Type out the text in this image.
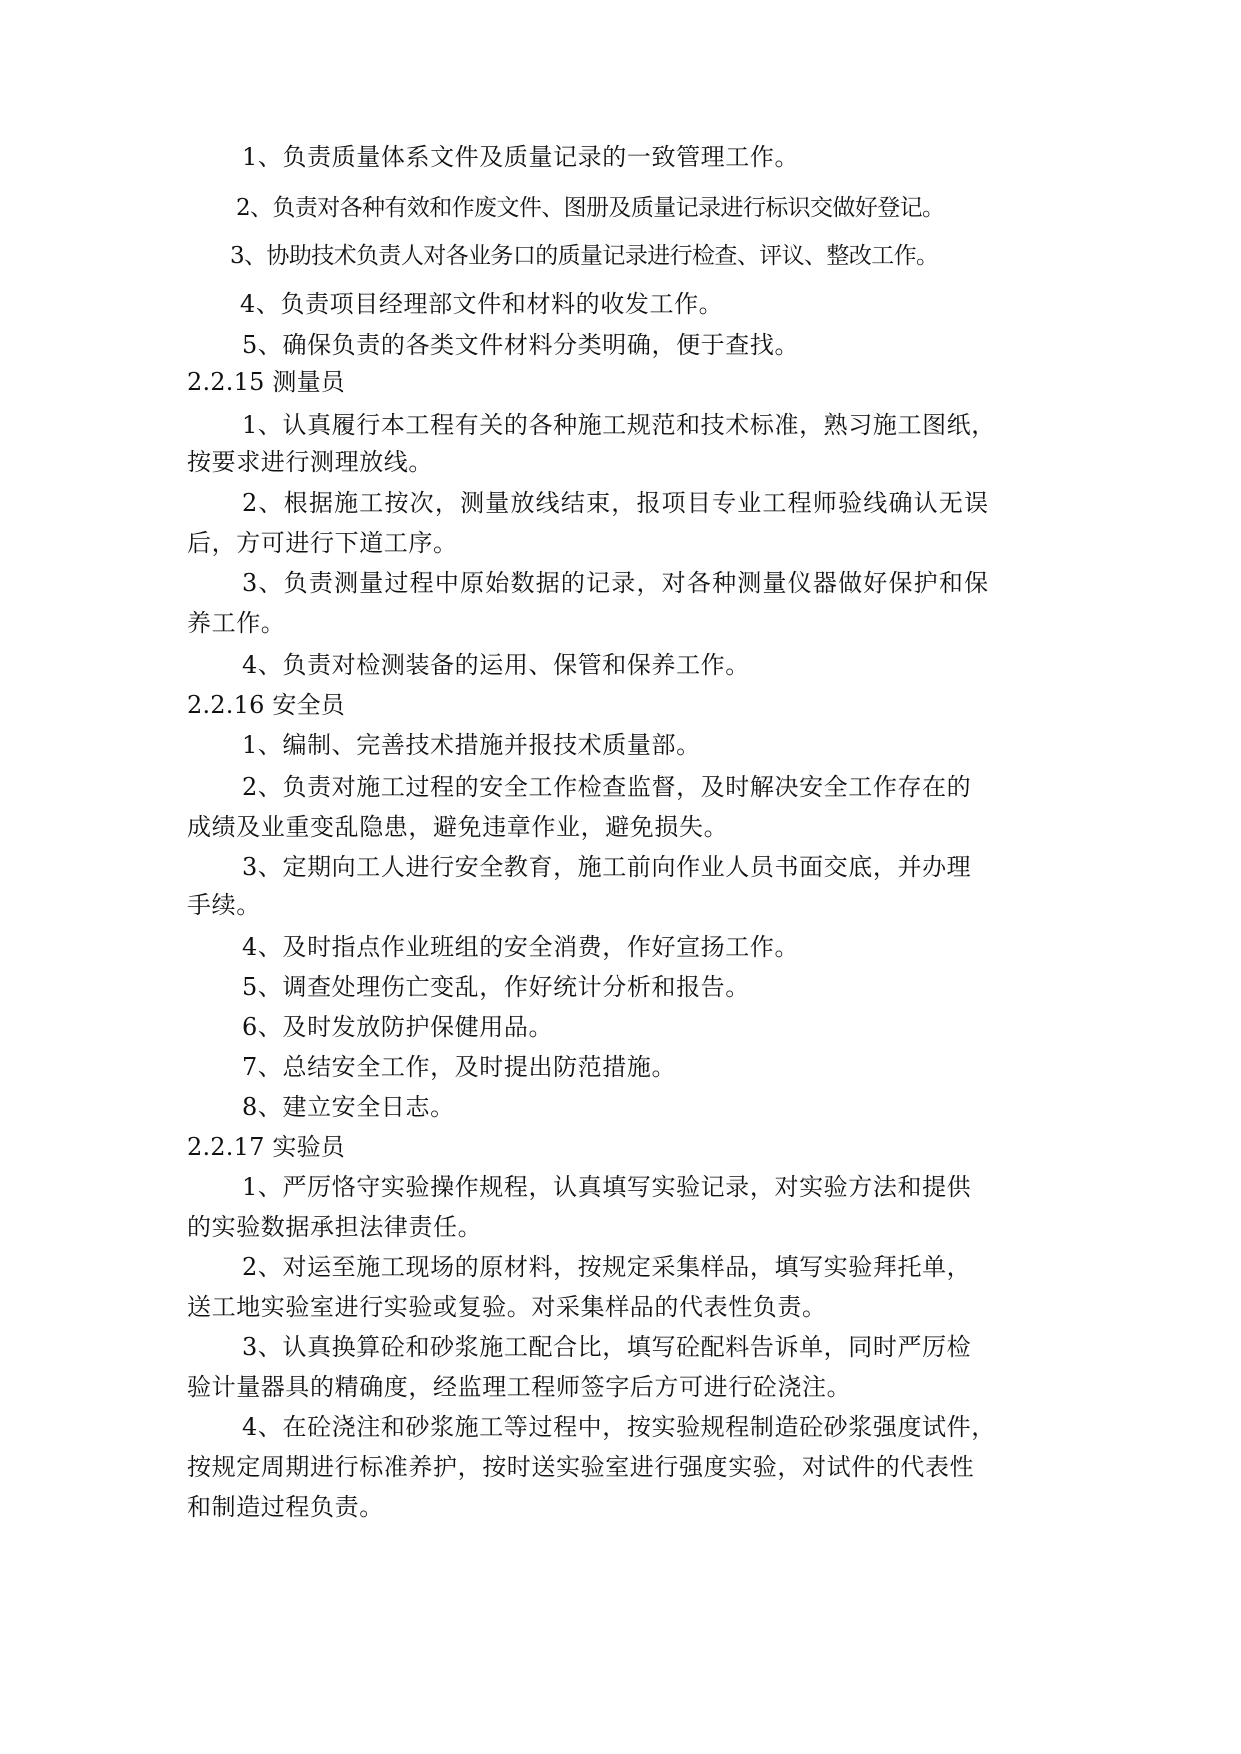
1、负责质量体系文件及质量记录的一致管理工作。
2、负责对各种有效和作废文件、图册及质量记录进行标识交做好登记。
3、协助技术负责人对各业务口的质量记录进行检查、评议、整改工作。
4、负责项目经理部文件和材料的收发工作。
5、确保负责的各类文件材料分类明确，便于查找。
2.2.15 测量员
1、认真履行本工程有关的各种施工规范和技术标准，熟习施工图纸，
按要求进行测理放线。
2、根据施工按次，测量放线结束，报项目专业工程师验线确认无误
后，方可进行下道工序。
3、负责测量过程中原始数据的记录，对各种测量仪器做好保护和保
养工作。
4、负责对检测装备的运用、保管和保养工作。
2.2.16 安全员
1、编制、完善技术措施并报技术质量部。
2、负责对施工过程的安全工作检查监督，及时解决安全工作存在的
成绩及业重变乱隐患，避免违章作业，避免损失。
3、定期向工人进行安全教育，施工前向作业人员书面交底，并办理
手续。
4、及时指点作业班组的安全消费，作好宣扬工作。
5、调查处理伤亡变乱，作好统计分析和报告。
6、及时发放防护保健用品。
7、总结安全工作，及时提出防范措施。
8、建立安全日志。
2.2.17 实验员
1、严厉恪守实验操作规程，认真填写实验记录，对实验方法和提供
的实验数据承担法律责任。
2、对运至施工现场的原材料，按规定采集样品，填写实验拜托单，
送工地实验室进行实验或复验。对采集样品的代表性负责。
3、认真换算砼和砂浆施工配合比，填写砼配料告诉单，同时严厉检
验计量器具的精确度，经监理工程师签字后方可进行砼浇注。
4、在砼浇注和砂浆施工等过程中，按实验规程制造砼砂浆强度试件，
按规定周期进行标准养护，按时送实验室进行强度实验，对试件的代表性
和制造过程负责。
